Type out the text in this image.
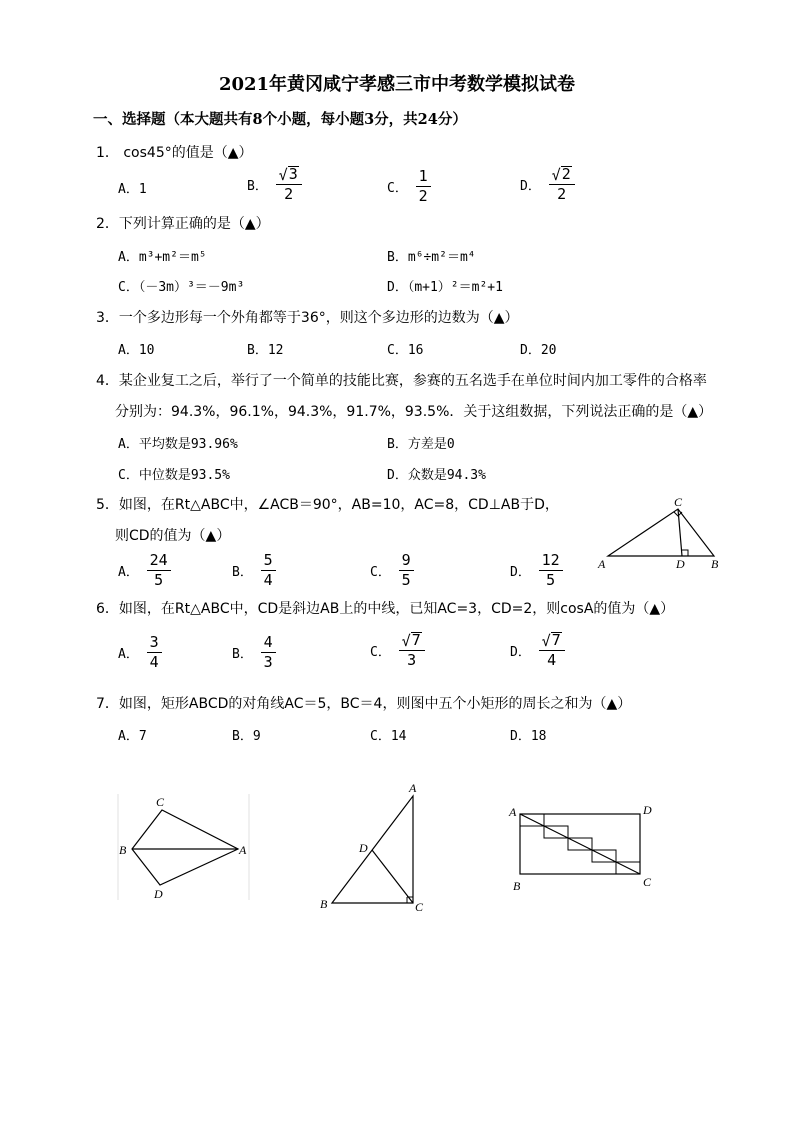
2021年黄冈咸宁孝感三市中考数学模拟试卷
一、选择题（本大题共有8个小题，每小题3分，共24分）
1． cos45°的值是（▲）
A．1	B． $\frac{√ 3}{2}$	C． $\frac{1}{2}$	D． $\frac{√ 2}{2}$
2．下列计算正确的是（▲）
A．m³+m²＝m⁵	B．m⁶÷m²＝m⁴
C．（－3m）³＝－9m³	D．（m+1）²＝m²+1
3．一个多边形每一个外角都等于36°，则这个多边形的边数为（▲）
A．10	B．12	C．16	D．20
4．某企业复工之后，举行了一个简单的技能比赛，参赛的五名选手在单位时间内加工零件的合格率
分别为：94.3%，96.1%，94.3%，91.7%，93.5%．关于这组数据，下列说法正确的是（▲）
A．平均数是93.96%	B．方差是0
C．中位数是93.5%	D．众数是94.3%
5．如图，在Rt△ABC中，∠ACB＝90°，AB=10，AC=8，CD⊥AB于D，
则CD的值为（▲）
A． $\frac{24}{5}$	B． $\frac{5}{4}$	C． $\frac{9}{5}$	D． $\frac{12}{5}$
C
A	D B
6．如图，在Rt△ABC中，CD是斜边AB上的中线，已知AC=3，CD=2，则cosA的值为（▲）
A． $\frac{3}{4}$	B． $\frac{4}{3}$	C． $\frac{√ 7}{3}$	D． $\frac{√ 7}{4}$
7．如图，矩形ABCD的对角线AC＝5，BC＝4，则图中五个小矩形的周长之和为（▲）
A．7	B．9	C．14	D．18
C
B	A
D
A
D
B	C
A	D
B	C
